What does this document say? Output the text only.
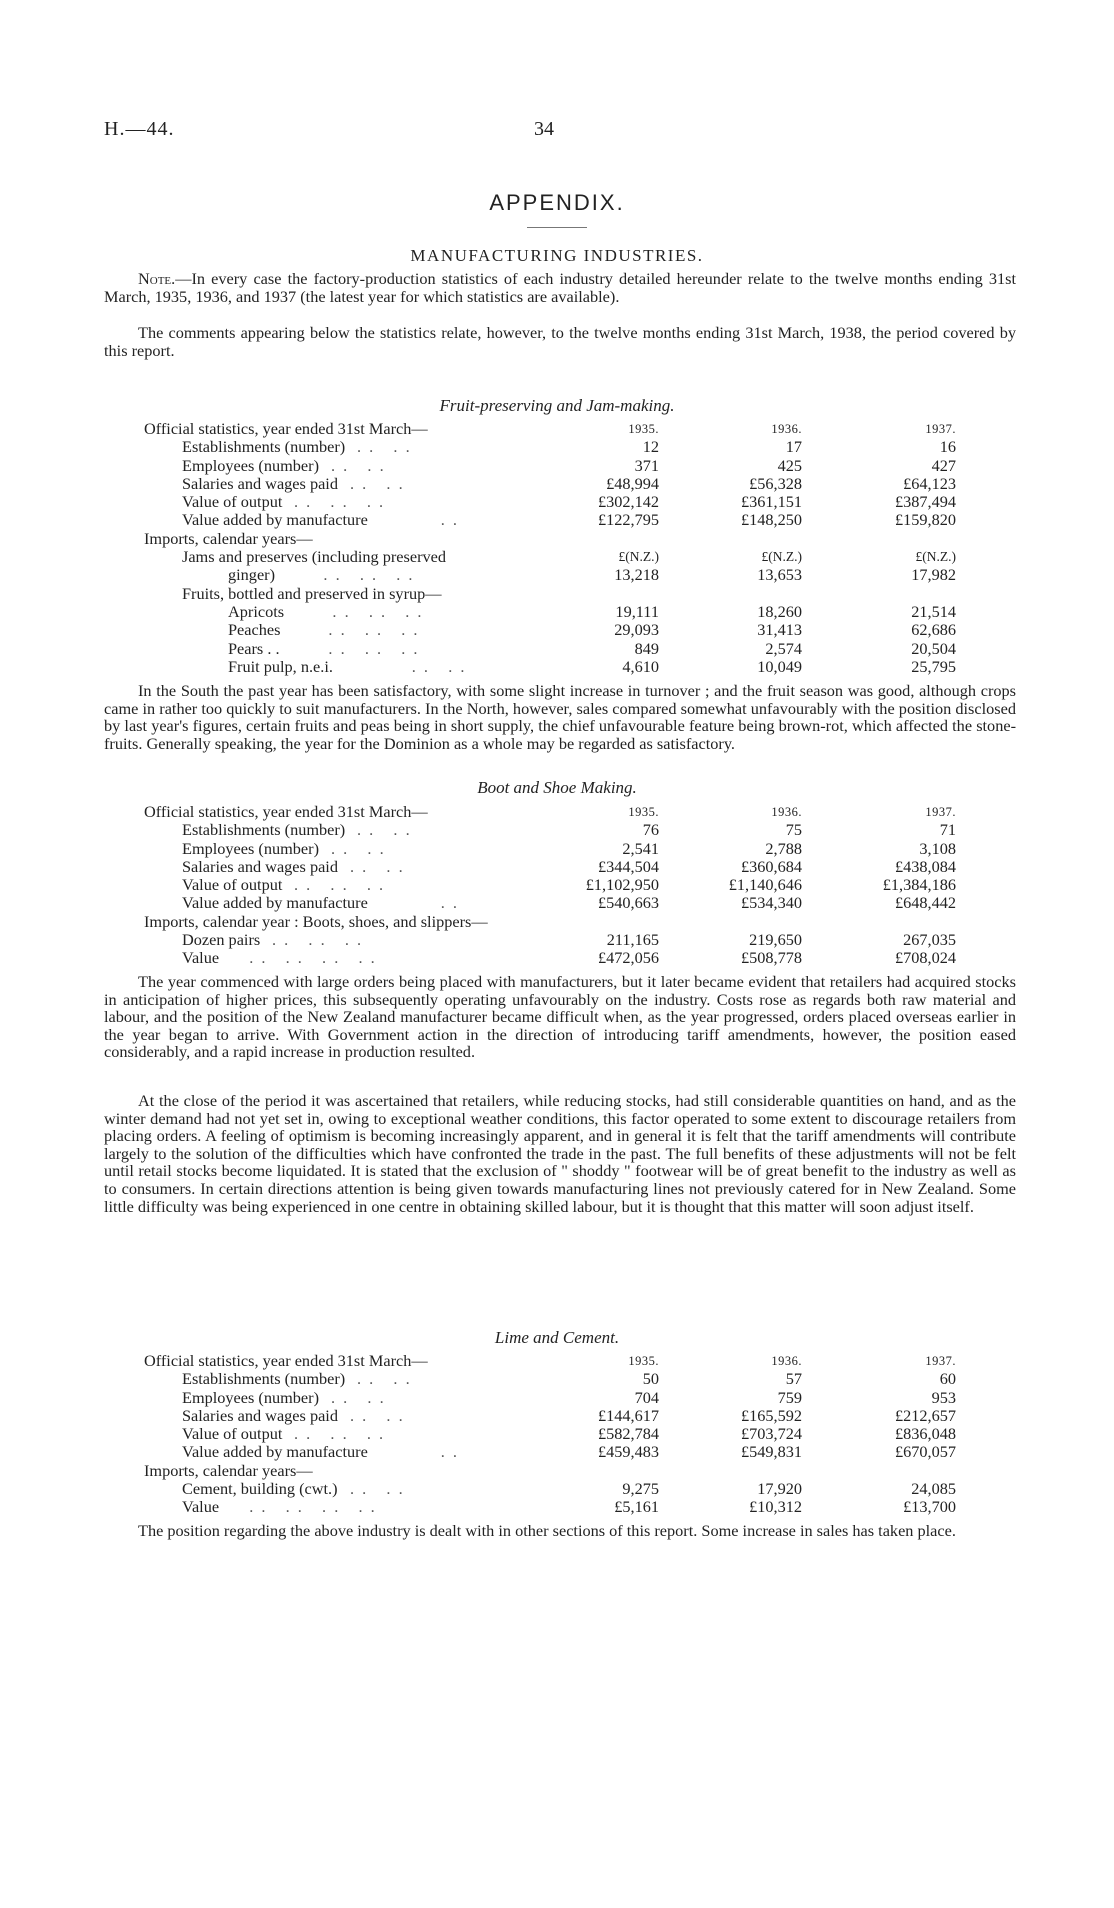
H.—44.	34
APPENDIX.
MANUFACTURING INDUSTRIES.

Note.—In every case the factory-production statistics of each industry detailed hereunder relate to the twelve months ending 31st March, 1935, 1936, and 1937 (the latest year for which statistics are available).

The comments appearing below the statistics relate, however, to the twelve months ending 31st March, 1938, the period covered by this report.

Fruit-preserving and Jam-making.
Official statistics, year ended 31st March—	1935.	1936.	1937.
Establishments (number) . .   . .	12	17	16
Employees (number) . .   . .	371	425	427
Salaries and wages paid . .   . .	£48,994	£56,328	£64,123
Value of output . .   . .   . .	£302,142	£361,151	£387,494
Value added by manufacture . .	£122,795	£148,250	£159,820
Imports, calendar years—
Jams and preserves (including preserved	£(N.Z.)	£(N.Z.)	£(N.Z.)
ginger) . .   . .   . .	13,218	13,653	17,982
Fruits, bottled and preserved in syrup—
Apricots . .   . .   . .	19,111	18,260	21,514
Peaches . .   . .   . .	29,093	31,413	62,686
Pears . . . .   . .   . .	849	2,574	20,504
Fruit pulp, n.e.i. . .   . .	4,610	10,049	25,795

In the South the past year has been satisfactory, with some slight increase in turnover ; and the fruit season was good, although crops came in rather too quickly to suit manufacturers. In the North, however, sales compared somewhat unfavourably with the position disclosed by last year's figures, certain fruits and peas being in short supply, the chief unfavourable feature being brown-rot, which affected the stone-fruits. Generally speaking, the year for the Dominion as a whole may be regarded as satisfactory.

Boot and Shoe Making.
Official statistics, year ended 31st March—	1935.	1936.	1937.
Establishments (number) . .   . .	76	75	71
Employees (number) . .   . .	2,541	2,788	3,108
Salaries and wages paid . .   . .	£344,504	£360,684	£438,084
Value of output . .   . .   . .	£1,102,950	£1,140,646	£1,384,186
Value added by manufacture . .	£540,663	£534,340	£648,442
Imports, calendar year : Boots, shoes, and slippers—
Dozen pairs . .   . .   . .	211,165	219,650	267,035
Value . .   . .   . .   . .	£472,056	£508,778	£708,024

The year commenced with large orders being placed with manufacturers, but it later became evident that retailers had acquired stocks in anticipation of higher prices, this subsequently operating unfavourably on the industry. Costs rose as regards both raw material and labour, and the position of the New Zealand manufacturer became difficult when, as the year progressed, orders placed overseas earlier in the year began to arrive. With Government action in the direction of introducing tariff amendments, however, the position eased considerably, and a rapid increase in production resulted.

At the close of the period it was ascertained that retailers, while reducing stocks, had still considerable quantities on hand, and as the winter demand had not yet set in, owing to exceptional weather conditions, this factor operated to some extent to discourage retailers from placing orders. A feeling of optimism is becoming increasingly apparent, and in general it is felt that the tariff amendments will contribute largely to the solution of the difficulties which have confronted the trade in the past. The full benefits of these adjustments will not be felt until retail stocks become liquidated. It is stated that the exclusion of " shoddy " footwear will be of great benefit to the industry as well as to consumers. In certain directions attention is being given towards manufacturing lines not previously catered for in New Zealand. Some little difficulty was being experienced in one centre in obtaining skilled labour, but it is thought that this matter will soon adjust itself.

Lime and Cement.
Official statistics, year ended 31st March—	1935.	1936.	1937.
Establishments (number) . .   . .	50	57	60
Employees (number) . .   . .	704	759	953
Salaries and wages paid . .   . .	£144,617	£165,592	£212,657
Value of output . .   . .   . .	£582,784	£703,724	£836,048
Value added by manufacture . .	£459,483	£549,831	£670,057
Imports, calendar years—
Cement, building (cwt.) . .   . .	9,275	17,920	24,085
Value . .   . .   . .   . .	£5,161	£10,312	£13,700

The position regarding the above industry is dealt with in other sections of this report. Some increase in sales has taken place.
